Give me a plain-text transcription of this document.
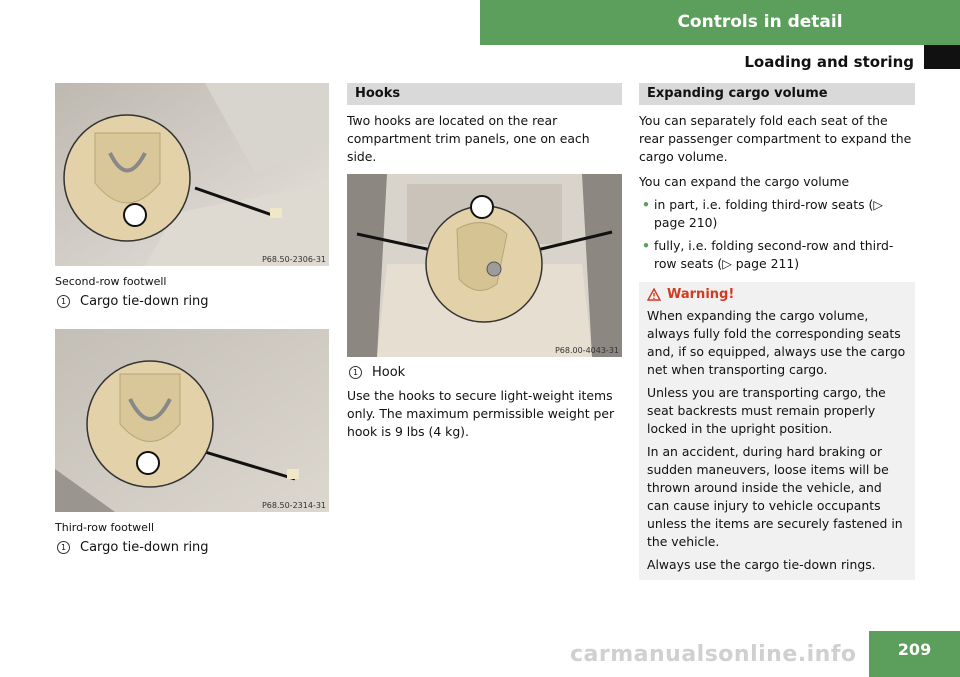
Controls in detail
Loading and storing
P68.50-2306-31
Second-row footwell
1	Cargo tie-down ring
P68.50-2314-31
Third-row footwell
1	Cargo tie-down ring
Hooks

Two hooks are located on the rear compartment trim panels, one on each side.

P68.00-4043-31
1	Hook

Use the hooks to secure light-weight items only. The maximum permissible weight per hook is 9 lbs (4 kg).

Expanding cargo volume

You can separately fold each seat of the rear passenger compartment to expand the cargo volume.

You can expand the cargo volume

• in part, i.e. folding third-row seats (▷ page 210)

• fully, i.e. folding second-row and third-row seats (▷ page 211)

Warning!

When expanding the cargo volume, always fully fold the corresponding seats and, if so equipped, always use the cargo net when transporting cargo.

Unless you are transporting cargo, the seat backrests must remain properly locked in the upright position.

In an accident, during hard braking or sudden maneuvers, loose items will be thrown around inside the vehicle, and can cause injury to vehicle occupants unless the items are securely fastened in the vehicle.

Always use the cargo tie-down rings.

carmanualsonline.info	209
